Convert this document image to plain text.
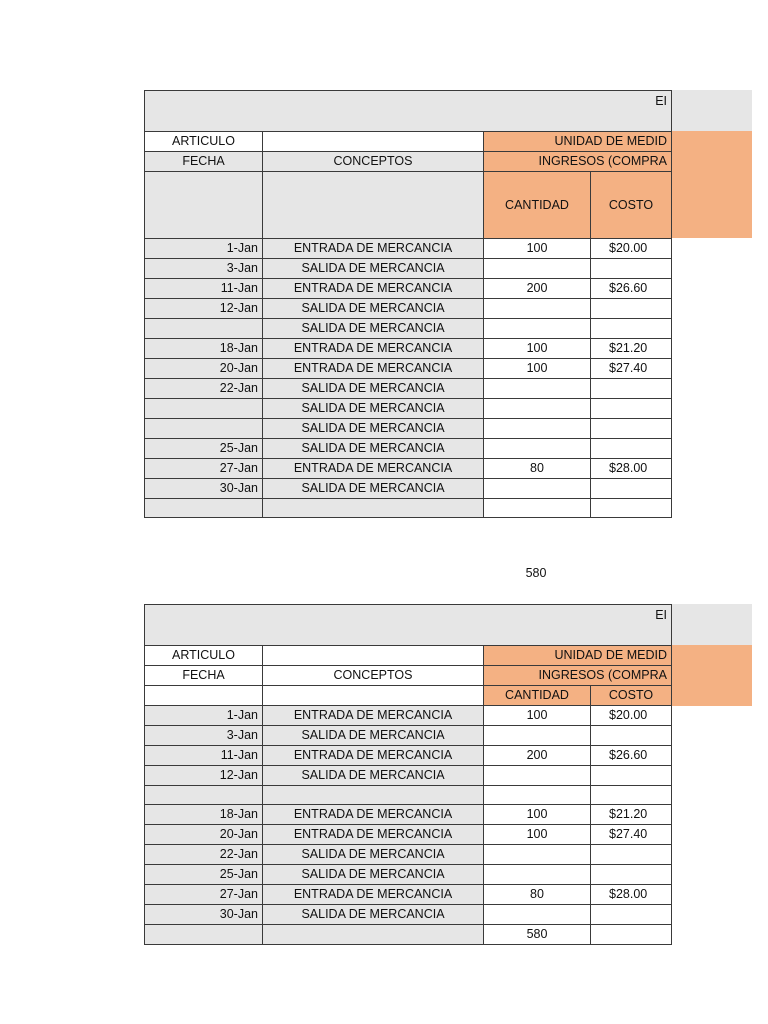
EI			
ARTICULO		UNIDAD DE MEDID	
FECHA	CONCEPTOS	INGRESOS (COMPRA	
		CANTIDAD	COSTO
1-Jan	ENTRADA DE MERCANCIA	100	$20.00
3-Jan	SALIDA DE MERCANCIA		
11-Jan	ENTRADA DE MERCANCIA	200	$26.60
12-Jan	SALIDA DE MERCANCIA		
	SALIDA DE MERCANCIA		
18-Jan	ENTRADA DE MERCANCIA	100	$21.20
20-Jan	ENTRADA DE MERCANCIA	100	$27.40
22-Jan	SALIDA DE MERCANCIA		
	SALIDA DE MERCANCIA		
	SALIDA DE MERCANCIA		
25-Jan	SALIDA DE MERCANCIA		
27-Jan	ENTRADA DE MERCANCIA	80	$28.00
30-Jan	SALIDA DE MERCANCIA		

580
EI			
ARTICULO		UNIDAD DE MEDID	
FECHA	CONCEPTOS	INGRESOS (COMPRA	
		CANTIDAD	COSTO
1-Jan	ENTRADA DE MERCANCIA	100	$20.00
3-Jan	SALIDA DE MERCANCIA		
11-Jan	ENTRADA DE MERCANCIA	200	$26.60
12-Jan	SALIDA DE MERCANCIA		

18-Jan	ENTRADA DE MERCANCIA	100	$21.20
20-Jan	ENTRADA DE MERCANCIA	100	$27.40
22-Jan	SALIDA DE MERCANCIA		
25-Jan	SALIDA DE MERCANCIA		
27-Jan	ENTRADA DE MERCANCIA	80	$28.00
30-Jan	SALIDA DE MERCANCIA		
		580	
